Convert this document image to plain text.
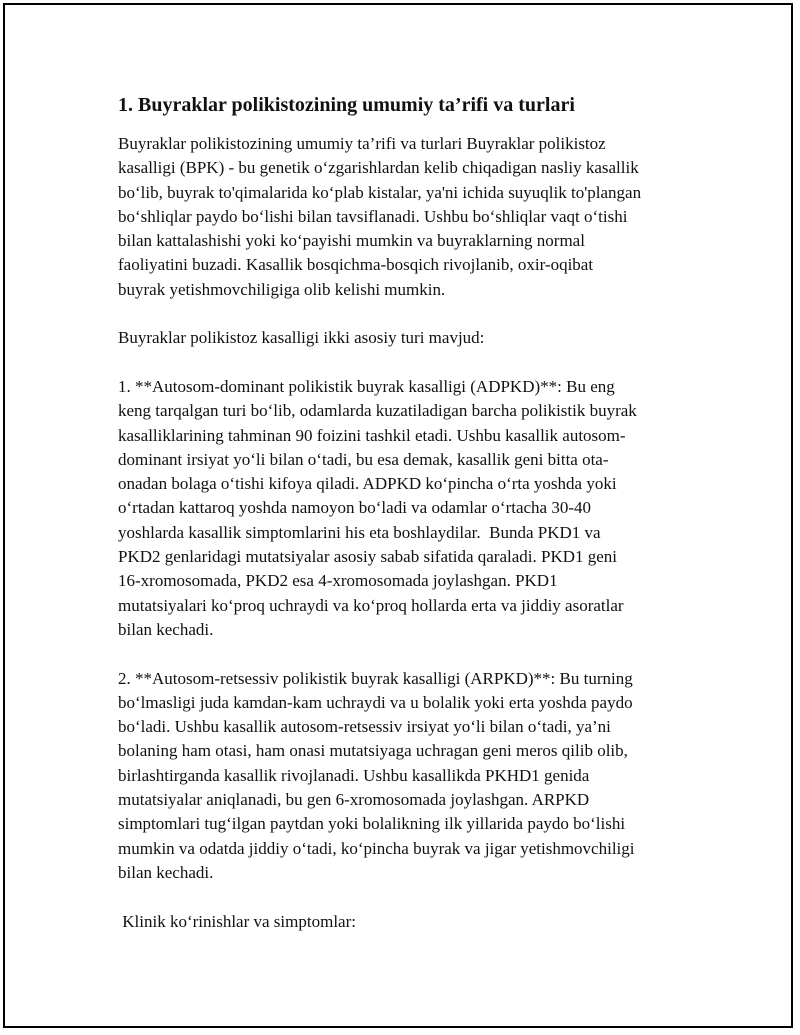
1. Buyraklar polikistozining umumiy ta’rifi va turlari

Buyraklar polikistozining umumiy ta’rifi va turlari Buyraklar polikistoz
kasalligi (BPK) - bu genetik o‘zgarishlardan kelib chiqadigan nasliy kasallik
bo‘lib, buyrak to'qimalarida ko‘plab kistalar, ya'ni ichida suyuqlik to'plangan
bo‘shliqlar paydo bo‘lishi bilan tavsiflanadi. Ushbu bo‘shliqlar vaqt o‘tishi
bilan kattalashishi yoki ko‘payishi mumkin va buyraklarning normal
faoliyatini buzadi. Kasallik bosqichma-bosqich rivojlanib, oxir-oqibat
buyrak yetishmovchiligiga olib kelishi mumkin.

Buyraklar polikistoz kasalligi ikki asosiy turi mavjud:

1. **Autosom-dominant polikistik buyrak kasalligi (ADPKD)**: Bu eng
keng tarqalgan turi bo‘lib, odamlarda kuzatiladigan barcha polikistik buyrak
kasalliklarining tahminan 90 foizini tashkil etadi. Ushbu kasallik autosom-
dominant irsiyat yo‘li bilan o‘tadi, bu esa demak, kasallik geni bitta ota-
onadan bolaga o‘tishi kifoya qiladi. ADPKD ko‘pincha o‘rta yoshda yoki
o‘rtadan kattaroq yoshda namoyon bo‘ladi va odamlar o‘rtacha 30-40
yoshlarda kasallik simptomlarini his eta boshlaydilar.  Bunda PKD1 va
PKD2 genlaridagi mutatsiyalar asosiy sabab sifatida qaraladi. PKD1 geni
16-xromosomada, PKD2 esa 4-xromosomada joylashgan. PKD1
mutatsiyalari ko‘proq uchraydi va ko‘proq hollarda erta va jiddiy asoratlar
bilan kechadi.

2. **Autosom-retsessiv polikistik buyrak kasalligi (ARPKD)**: Bu turning
bo‘lmasligi juda kamdan-kam uchraydi va u bolalik yoki erta yoshda paydo
bo‘ladi. Ushbu kasallik autosom-retsessiv irsiyat yo‘li bilan o‘tadi, ya’ni
bolaning ham otasi, ham onasi mutatsiyaga uchragan geni meros qilib olib,
birlashtirganda kasallik rivojlanadi. Ushbu kasallikda PKHD1 genida
mutatsiyalar aniqlanadi, bu gen 6-xromosomada joylashgan. ARPKD
simptomlari tug‘ilgan paytdan yoki bolalikning ilk yillarida paydo bo‘lishi
mumkin va odatda jiddiy o‘tadi, ko‘pincha buyrak va jigar yetishmovchiligi
bilan kechadi.

Klinik ko‘rinishlar va simptomlar:
